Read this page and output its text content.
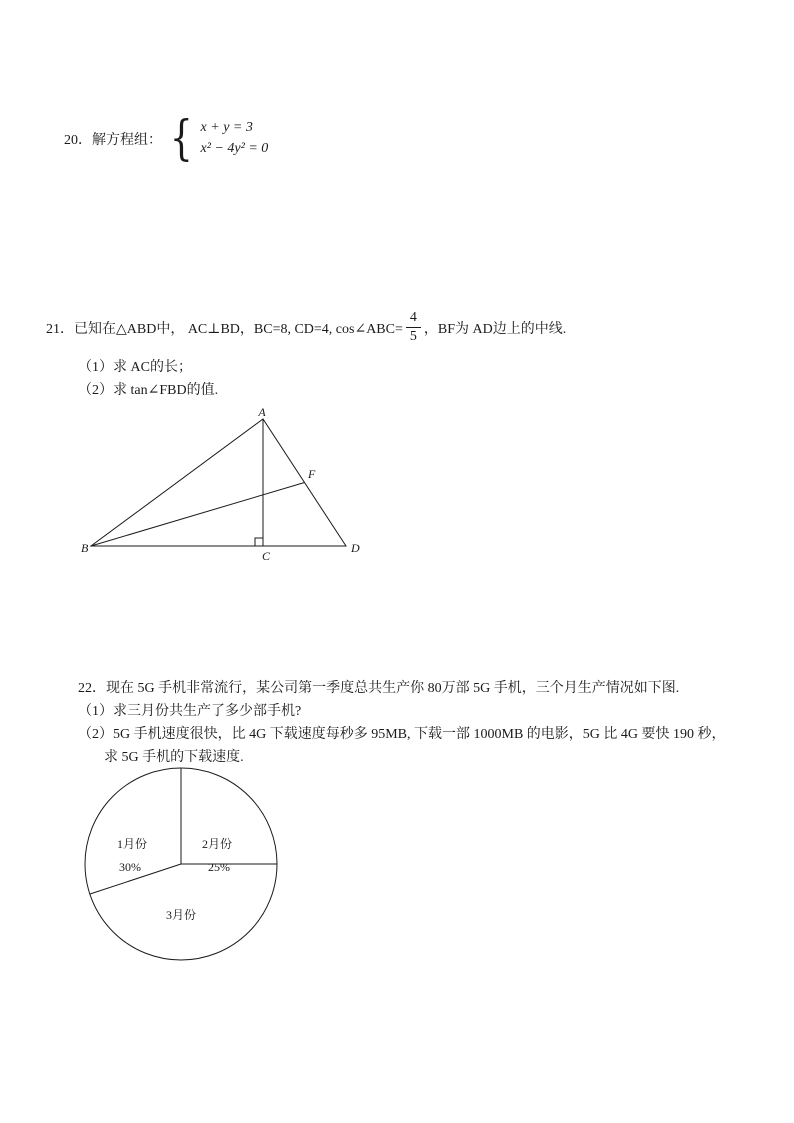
20．解方程组： { x + y = 3
x² − 4y² = 0
21．已知在△ABD中， AC⊥BD，BC=8, CD=4, cos∠ABC= $\frac{4}{5}$ ，BF为 AD边上的中线.
（1）求 AC的长；
（2）求 tan∠FBD的值.
A
B
C
D
F
22．现在 5G 手机非常流行，某公司第一季度总共生产你 80万部 5G 手机，三个月生产情况如下图.
（1）求三月份共生产了多少部手机?
（2）5G 手机速度很快，比 4G 下载速度每秒多 95MB, 下载一部 1000MB 的电影，5G 比 4G 要快 190 秒，
求 5G 手机的下载速度.
1月份
30%
2月份
25%
3月份
